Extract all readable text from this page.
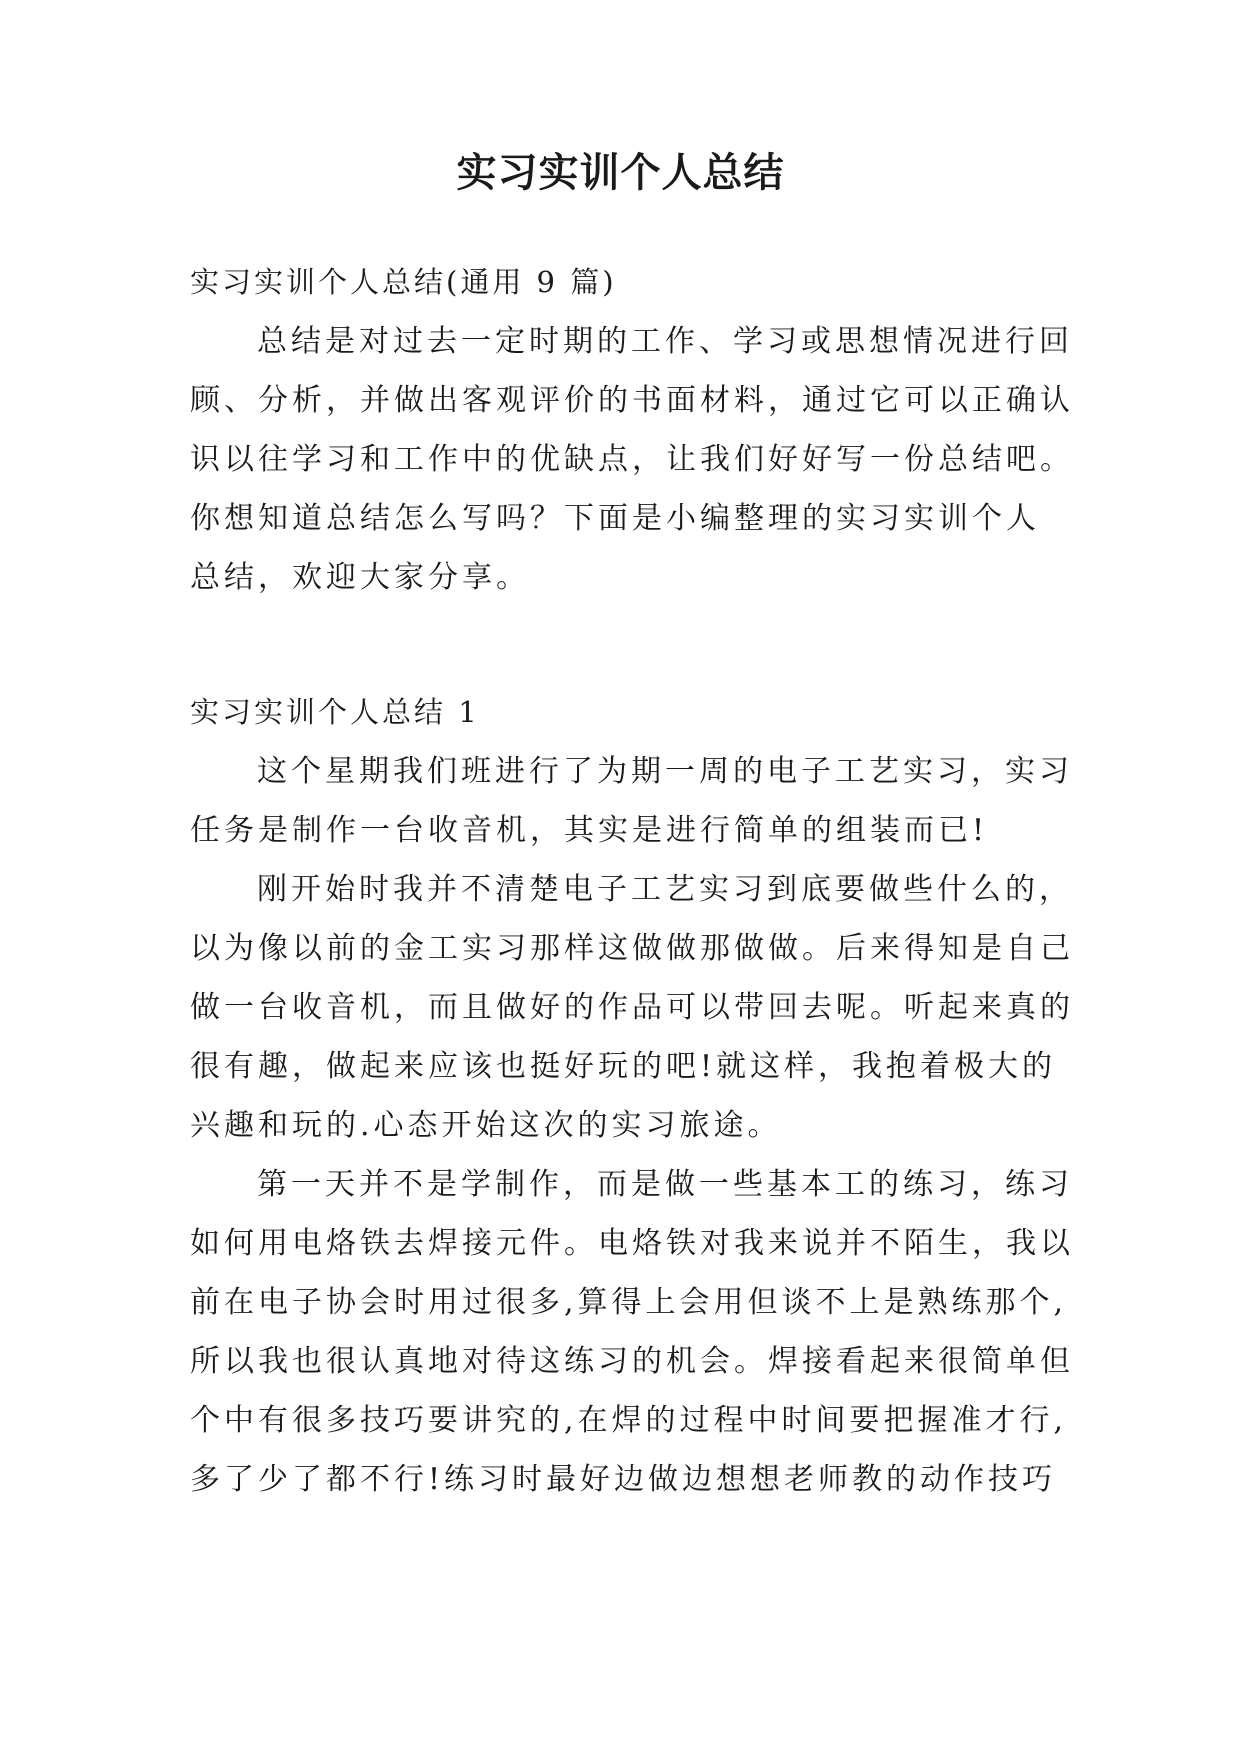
实习实训个人总结
实习实训个人总结(通用 9 篇)
总结是对过去一定时期的工作、学习或思想情况进行回
顾、分析，并做出客观评价的书面材料，通过它可以正确认
识以往学习和工作中的优缺点，让我们好好写一份总结吧。
你想知道总结怎么写吗？下面是小编整理的实习实训个人
总结，欢迎大家分享。
实习实训个人总结 1
这个星期我们班进行了为期一周的电子工艺实习，实习
任务是制作一台收音机，其实是进行简单的组装而已!
刚开始时我并不清楚电子工艺实习到底要做些什么的，
以为像以前的金工实习那样这做做那做做。后来得知是自己
做一台收音机，而且做好的作品可以带回去呢。听起来真的
很有趣，做起来应该也挺好玩的吧!就这样，我抱着极大的
兴趣和玩的.心态开始这次的实习旅途。
第一天并不是学制作，而是做一些基本工的练习，练习
如何用电烙铁去焊接元件。电烙铁对我来说并不陌生，我以
前在电子协会时用过很多,算得上会用但谈不上是熟练那个,
所以我也很认真地对待这练习的机会。焊接看起来很简单但
个中有很多技巧要讲究的,在焊的过程中时间要把握准才行,
多了少了都不行!练习时最好边做边想想老师教的动作技巧
